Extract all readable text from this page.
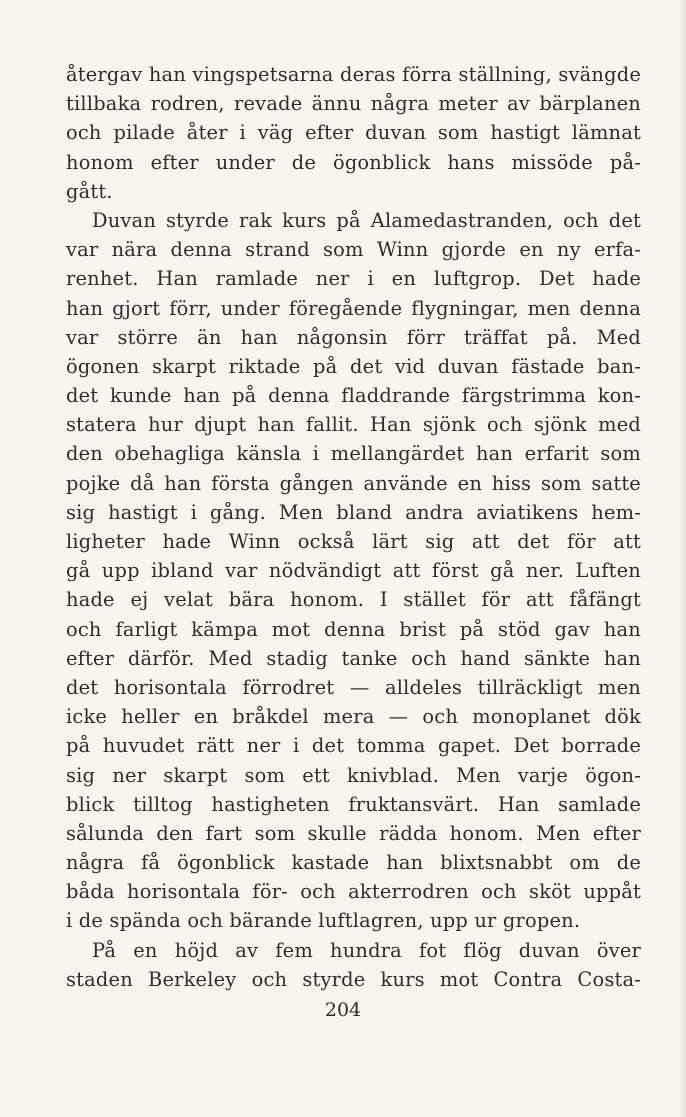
återgav han vingspetsarna deras förra ställning, svängde
tillbaka rodren, revade ännu några meter av bärplanen
och pilade åter i väg efter duvan som hastigt lämnat
honom efter under de ögonblick hans missöde på-
gått.
Duvan styrde rak kurs på Alamedastranden, och det
var nära denna strand som Winn gjorde en ny erfa-
renhet. Han ramlade ner i en luftgrop. Det hade
han gjort förr, under föregående flygningar, men denna
var större än han någonsin förr träffat på. Med
ögonen skarpt riktade på det vid duvan fästade ban-
det kunde han på denna fladdrande färgstrimma kon-
statera hur djupt han fallit. Han sjönk och sjönk med
den obehagliga känsla i mellangärdet han erfarit som
pojke då han första gången använde en hiss som satte
sig hastigt i gång. Men bland andra aviatikens hem-
ligheter hade Winn också lärt sig att det för att
gå upp ibland var nödvändigt att först gå ner. Luften
hade ej velat bära honom. I stället för att fåfängt
och farligt kämpa mot denna brist på stöd gav han
efter därför. Med stadig tanke och hand sänkte han
det horisontala förrodret — alldeles tillräckligt men
icke heller en bråkdel mera — och monoplanet dök
på huvudet rätt ner i det tomma gapet. Det borrade
sig ner skarpt som ett knivblad. Men varje ögon-
blick tilltog hastigheten fruktansvärt. Han samlade
sålunda den fart som skulle rädda honom. Men efter
några få ögonblick kastade han blixtsnabbt om de
båda horisontala för- och akterrodren och sköt uppåt
i de spända och bärande luftlagren, upp ur gropen.
På en höjd av fem hundra fot flög duvan över
staden Berkeley och styrde kurs mot Contra Costa-
204
